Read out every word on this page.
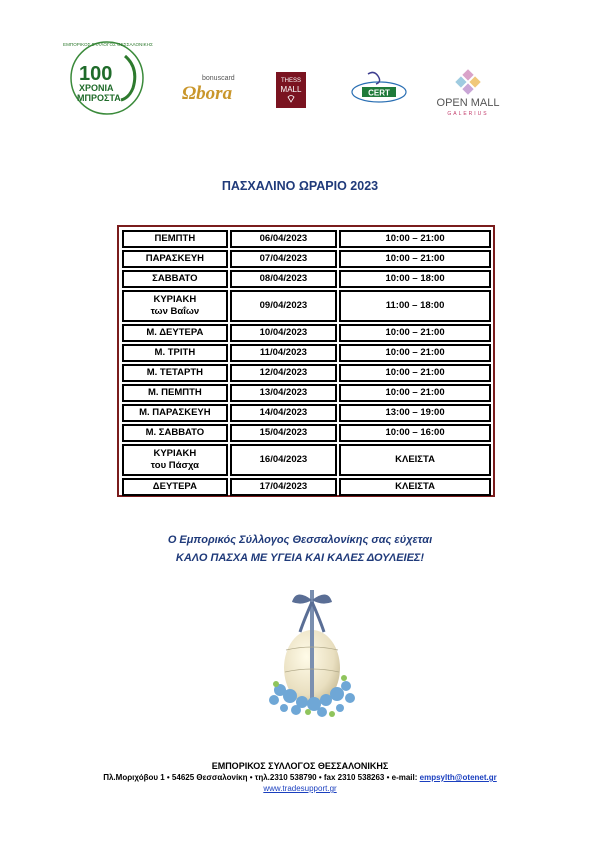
100
ΧΡΟΝΙΑ
ΜΠΡΟΣΤΑ
ΕΜΠΟΡΙΚΟΣ ΣΥΛΛΟΓΟΣ ΘΕΣΣΑΛΟΝΙΚΗΣ
bonuscard
Ωbora
THESS
MALL	CERT
OPEN MALL
GALERIUS
ΠΑΣΧΑΛΙΝΟ ΩΡΑΡΙΟ 2023
ΠΕΜΠΤΗ	06/04/2023	10:00 – 21:00

ΠΑΡΑΣΚΕΥΗ	07/04/2023	10:00 – 21:00

ΣΑΒΒΑΤΟ	08/04/2023	10:00 – 18:00

ΚΥΡΙΑΚΗ
των Βαΐων	09/04/2023	11:00 – 18:00

Μ. ΔΕΥΤΕΡΑ	10/04/2023	10:00 – 21:00

Μ. ΤΡΙΤΗ	11/04/2023	10:00 – 21:00

Μ. ΤΕΤΑΡΤΗ	12/04/2023	10:00 – 21:00

Μ. ΠΕΜΠΤΗ	13/04/2023	10:00 – 21:00

Μ. ΠΑΡΑΣΚΕΥΗ	14/04/2023	13:00 – 19:00

Μ. ΣΑΒΒΑΤΟ	15/04/2023	10:00 – 16:00

ΚΥΡΙΑΚΗ
του Πάσχα	16/04/2023	ΚΛΕΙΣΤΑ

ΔΕΥΤΕΡΑ	17/04/2023	ΚΛΕΙΣΤΑ
Ο Εμπορικός Σύλλογος Θεσσαλονίκης σας εύχεται
ΚΑΛΟ ΠΑΣΧΑ ΜΕ ΥΓΕΙΑ ΚΑΙ ΚΑΛΕΣ ΔΟΥΛΕΙΕΣ!
ΕΜΠΟΡΙΚΟΣ ΣΥΛΛΟΓΟΣ ΘΕΣΣΑΛΟΝΙΚΗΣ
Πλ.Μοριχόβου 1 • 54625 Θεσσαλονίκη • τηλ.2310 538790 • fax 2310 538263 • e-mail: empsylth@otenet.gr
www.tradesupport.gr
